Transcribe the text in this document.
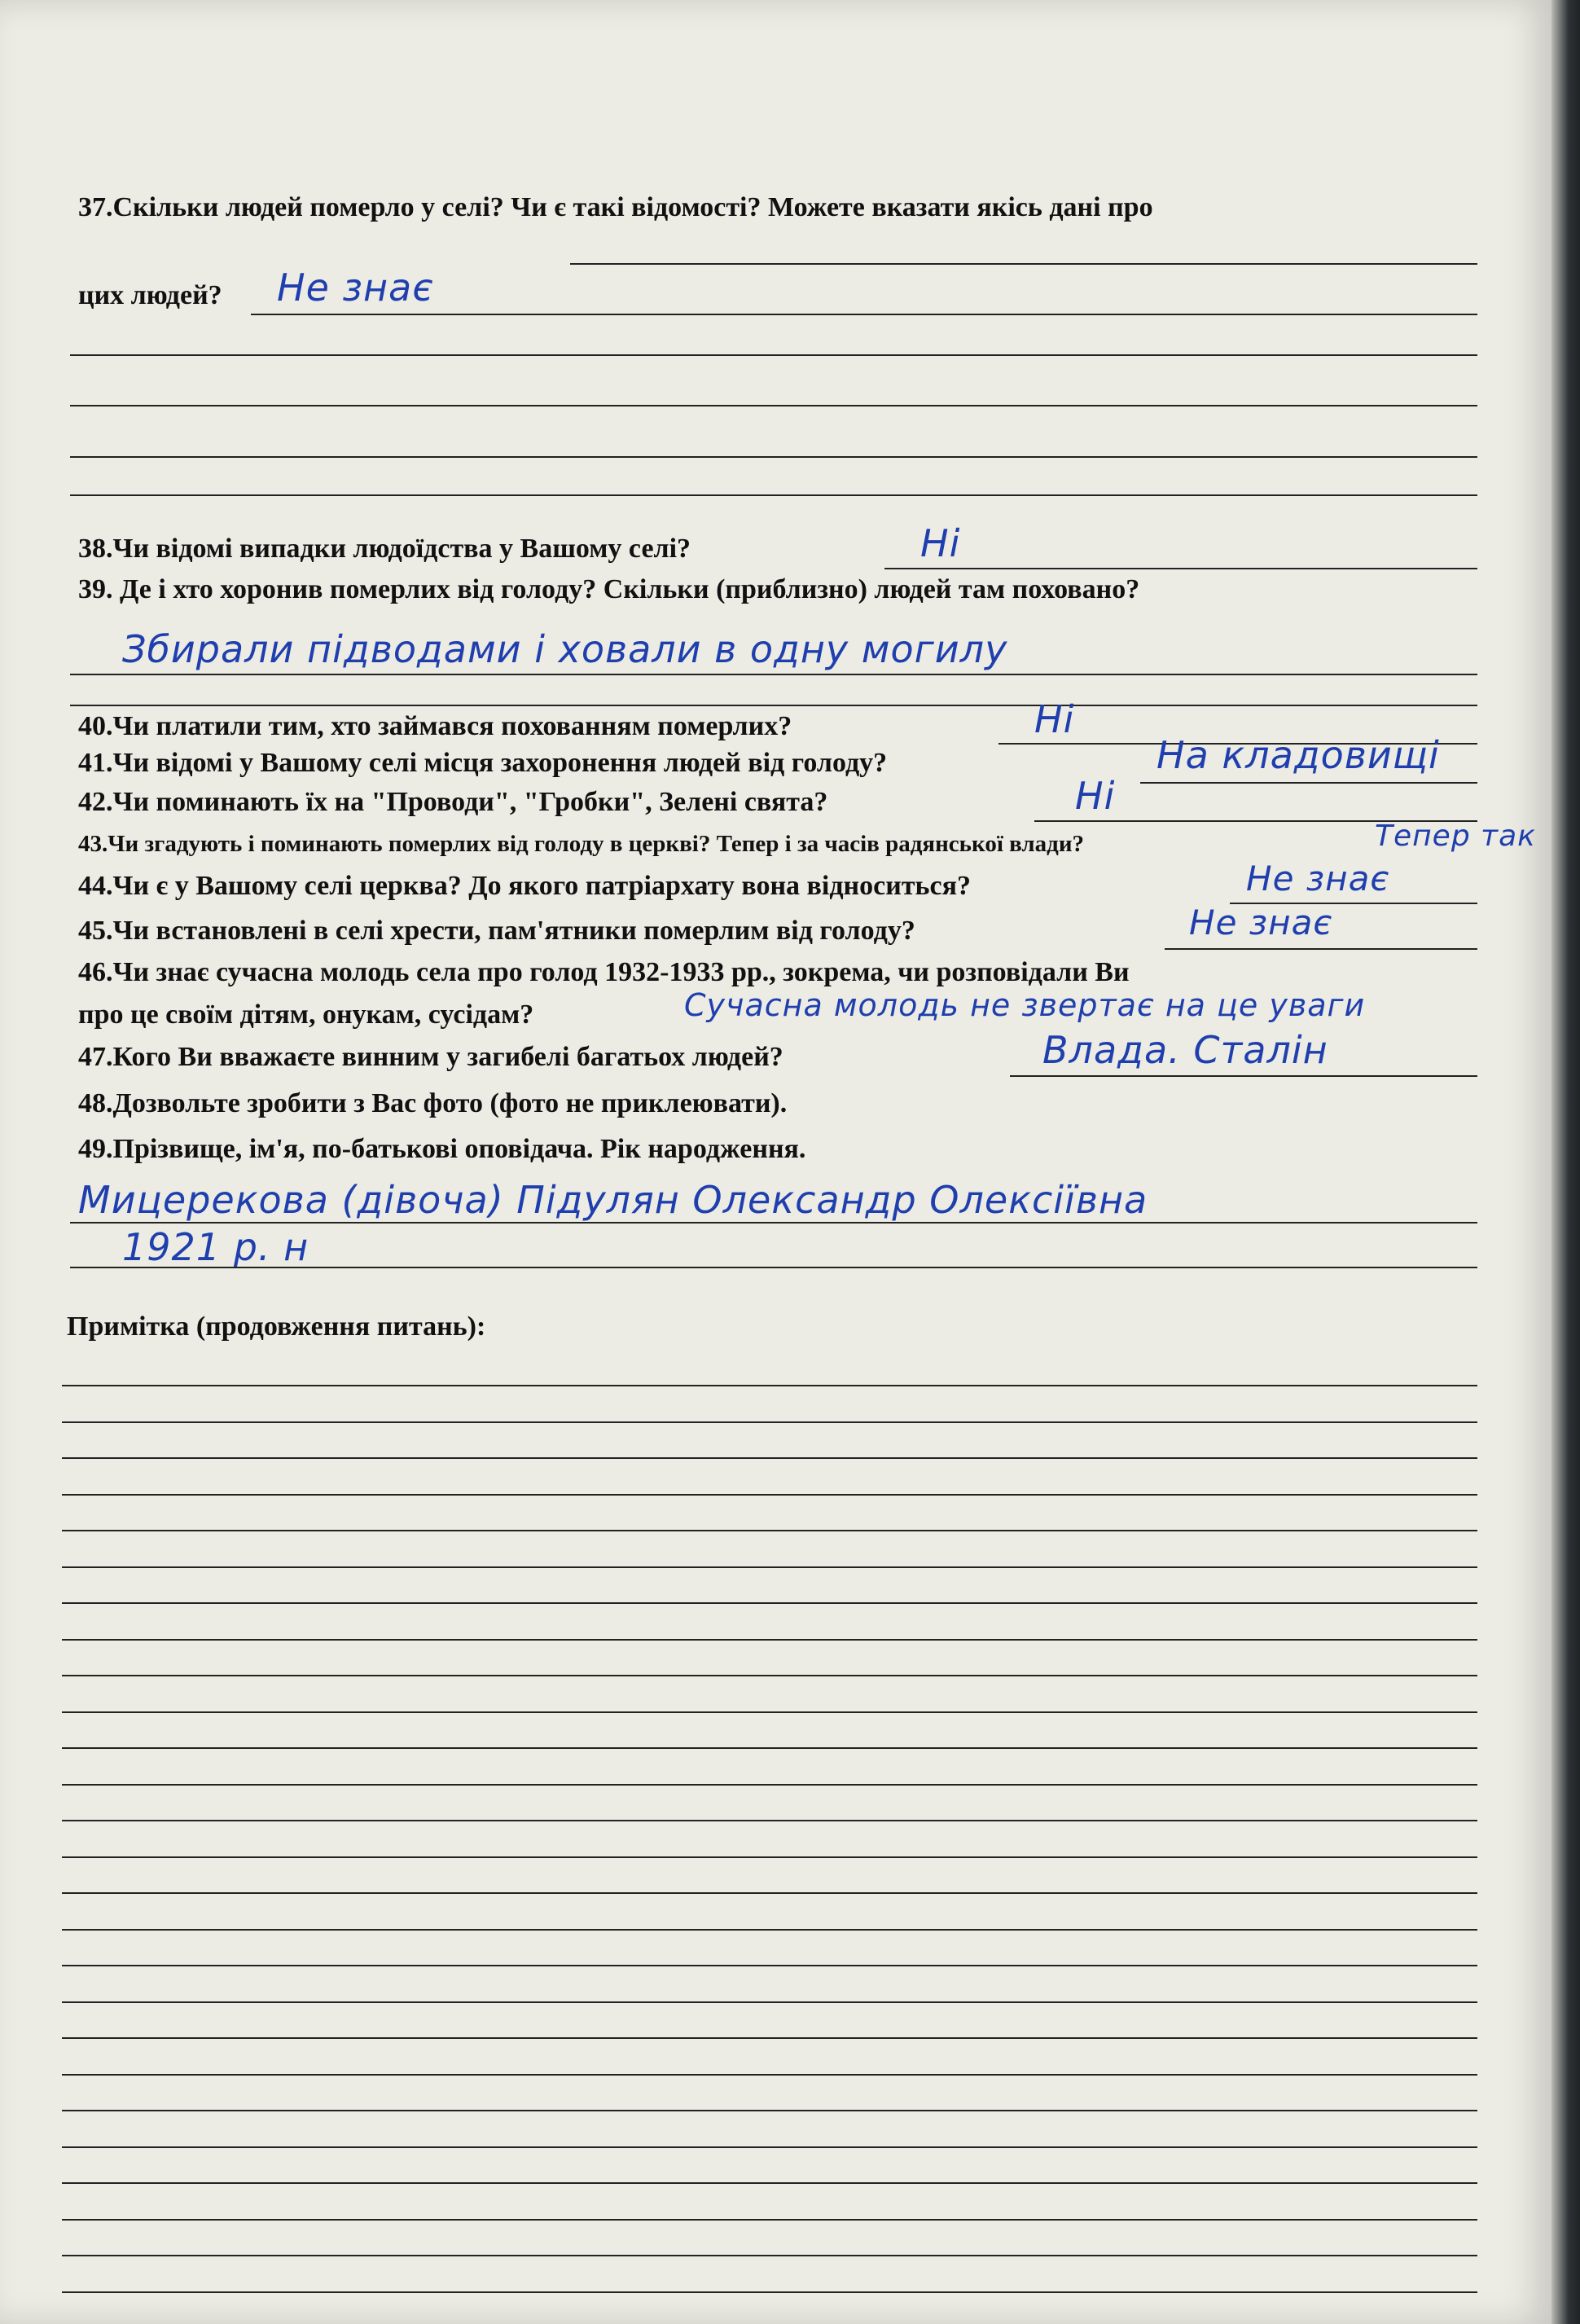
37.Скільки людей померло у селі? Чи є такі відомості? Можете вказати якісь дані про
цих людей? Не знає
38.Чи відомі випадки людоїдства у Вашому селі?	Ні
39. Де і хто хоронив померлих від голоду? Скільки (приблизно) людей там поховано?
Збирали підводами і ховали в одну могилу
40.Чи платили тим, хто займався похованням померлих?	Ні
41.Чи відомі у Вашому селі місця захоронення людей від голоду?	На кладовищі
42.Чи поминають їх на "Проводи", "Гробки", Зелені свята?	Ні
43.Чи згадують і поминають померлих від голоду в церкві? Тепер і за часів радянської влади?	Тепер так
44.Чи є у Вашому селі церква? До якого патріархату вона відноситься?	Не знає
45.Чи встановлені в селі хрести, пам'ятники померлим від голоду?	Не знає
46.Чи знає сучасна молодь села про голод 1932-1933 рр., зокрема, чи розповідали Ви
про це своїм дітям, онукам, сусідам?	Сучасна молодь не звертає на це уваги
47.Кого Ви вважаєте винним у загибелі багатьох людей?	Влада. Сталін
48.Дозвольте зробити з Вас фото (фото не приклеювати).
49.Прізвище, ім'я, по-батькові оповідача. Рік народження.
Мицерекова (дівоча) Підулян Олександр Олексіївна
1921 р. н
Примітка (продовження питань):
